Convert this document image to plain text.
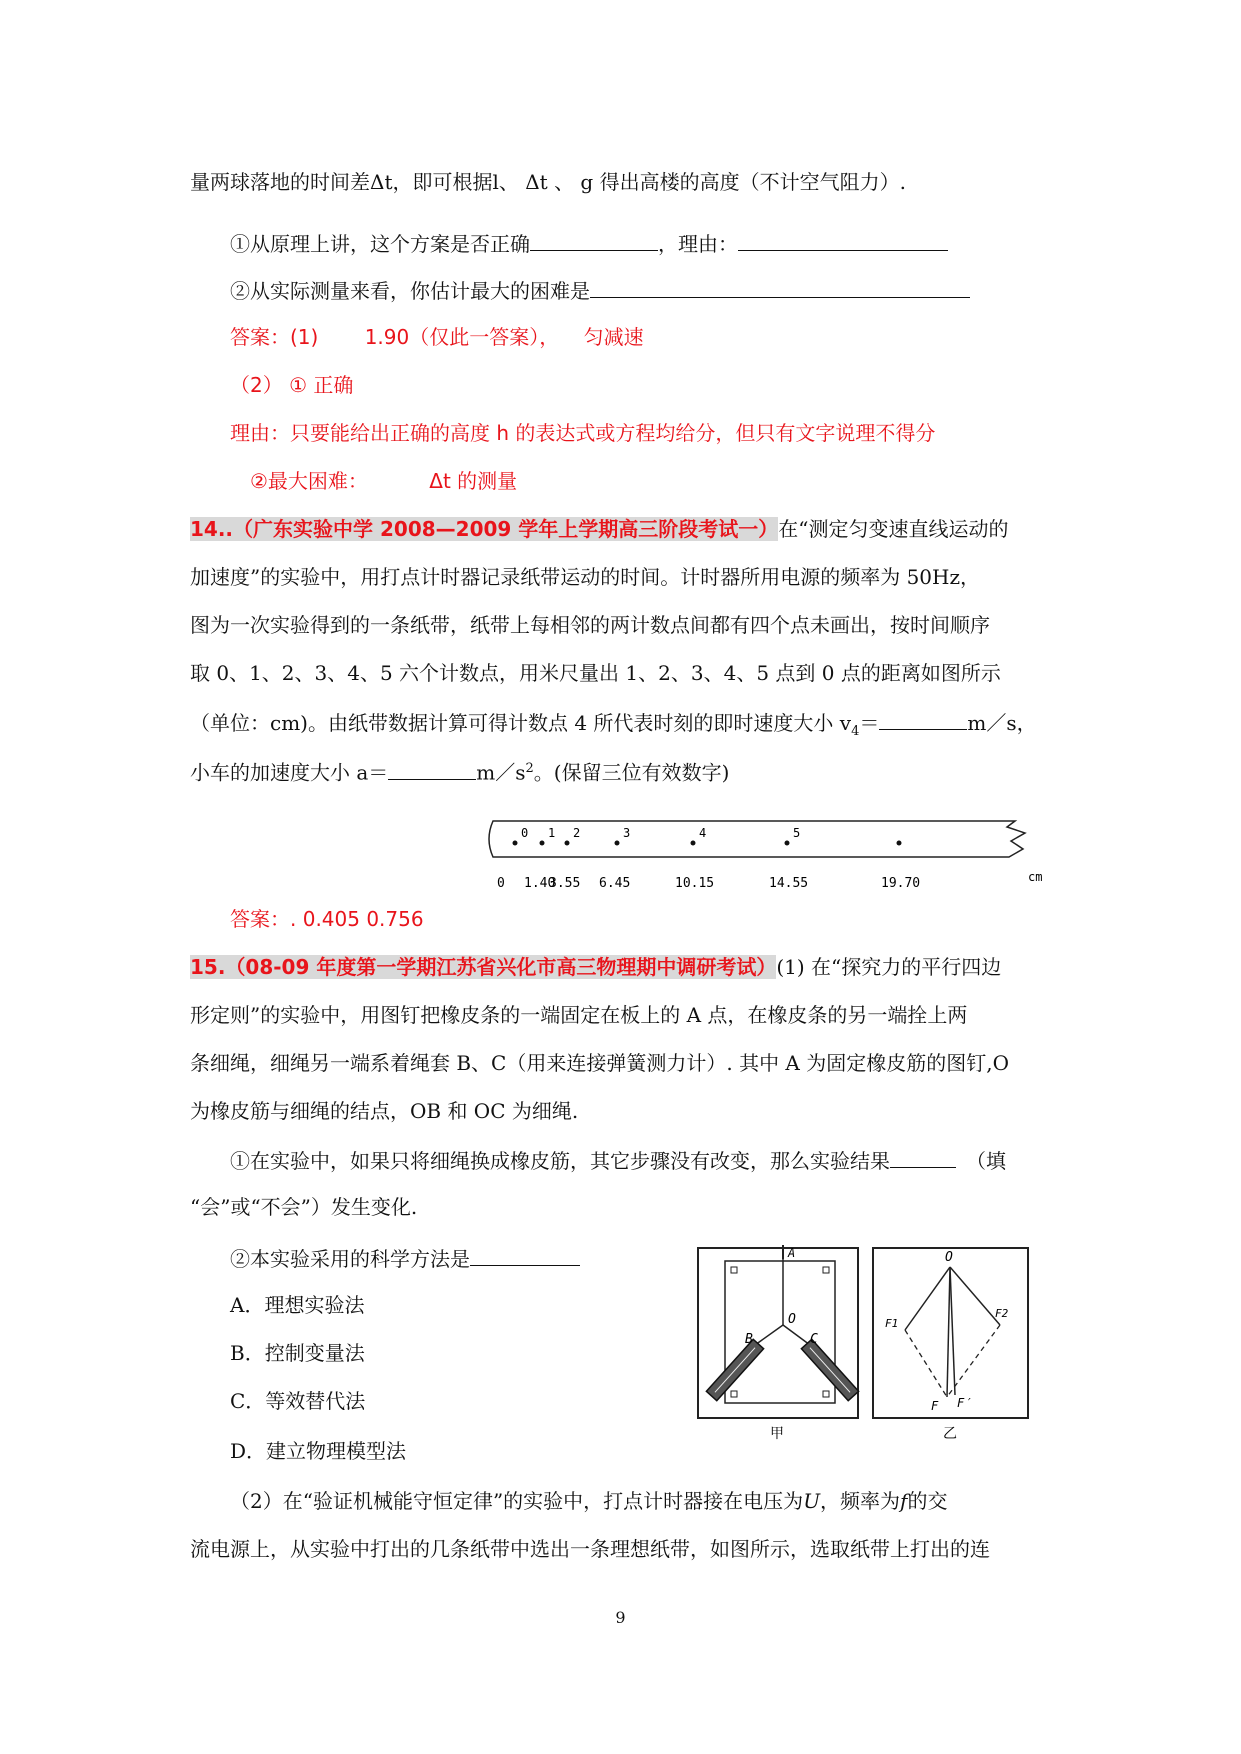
量两球落地的时间差Δt，即可根据l、 Δt 、 g 得出高楼的高度（不计空气阻力）.
①从原理上讲，这个方案是否正确	，理由：
②从实际测量来看，你估计最大的困难是
答案：(1) 1.90（仅此一答案）， 匀减速
（2） ① 正确
理由：只要能给出正确的高度 h 的表达式或方程均给分，但只有文字说理不得分
②最大困难：	Δt 的测量
14..（广东实验中学 2008—2009 学年上学期高三阶段考试一）在“测定匀变速直线运动的
加速度”的实验中，用打点计时器记录纸带运动的时间。计时器所用电源的频率为 50Hz，
图为一次实验得到的一条纸带，纸带上每相邻的两计数点间都有四个点未画出，按时间顺序
取 0、1、2、3、4、5 六个计数点，用米尺量出 1、2、3、4、5 点到 0 点的距离如图所示
（单位：cm)。由纸带数据计算可得计数点 4 所代表时刻的即时速度大小 $v_4=$	m／s，
小车的加速度大小 a＝	$m/s^2$。(保留三位有效数字)
0
0
1
1.40
2
3.55
3
6.45
4
10.15
5
14.55	19.70	cm
答案：. 0.405 0.756
15.（08-09 年度第一学期江苏省兴化市高三物理期中调研考试）(1) 在“探究力的平行四边
形定则”的实验中，用图钉把橡皮条的一端固定在板上的 A 点，在橡皮条的另一端拴上两
条细绳，细绳另一端系着绳套 B、C（用来连接弹簧测力计）. 其中 A 为固定橡皮筋的图钉,O
为橡皮筋与细绳的结点，OB 和 OC 为细绳.
①在实验中，如果只将细绳换成橡皮筋，其它步骤没有改变，那么实验结果	（填
“会”或“不会”）发生变化.
②本实验采用的科学方法是
A．理想实验法
B．控制变量法
C．等效替代法
D．建立物理模型法
（2）在“验证机械能守恒定律”的实验中，打点计时器接在电压为U，频率为f的交
流电源上，从实验中打出的几条纸带中选出一条理想纸带，如图所示，选取纸带上打出的连
A
O
B	C
甲
O
F1
F2
F F′
乙
9
